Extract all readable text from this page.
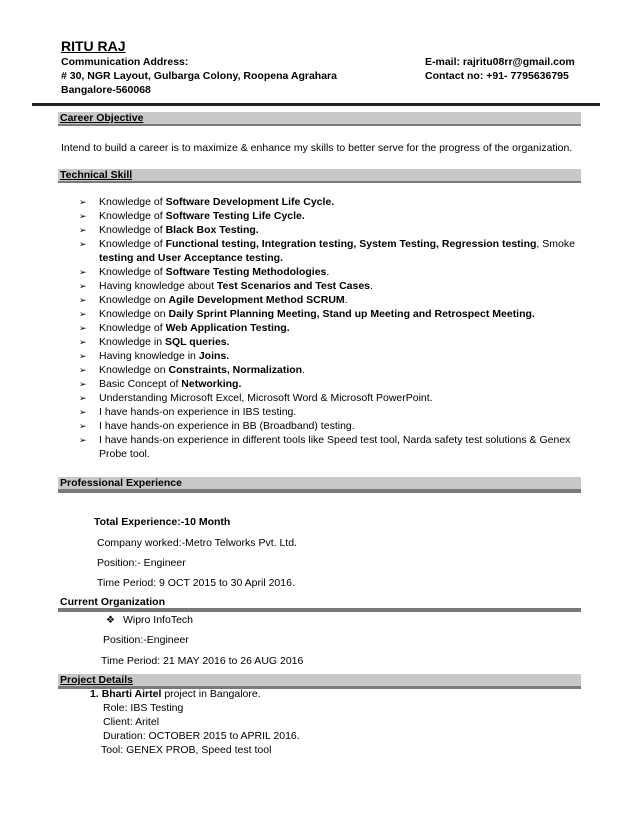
RITU RAJ
Communication Address:
# 30, NGR Layout, Gulbarga Colony, Roopena Agrahara
Bangalore-560068
E-mail: rajritu08rr@gmail.com
Contact no: +91- 7795636795
Career Objective
Intend to build a career is to maximize & enhance my skills to better serve for the progress of the organization.
Technical Skill
➢ Knowledge of Software Development Life Cycle.
➢ Knowledge of Software Testing Life Cycle.
➢ Knowledge of Black Box Testing.
➢ Knowledge of Functional testing, Integration testing, System Testing, Regression testing, Smoke
testing and User Acceptance testing.
➢ Knowledge of Software Testing Methodologies.
➢ Having knowledge about Test Scenarios and Test Cases.
➢ Knowledge on Agile Development Method SCRUM.
➢ Knowledge on Daily Sprint Planning Meeting, Stand up Meeting and Retrospect Meeting.
➢ Knowledge of Web Application Testing.
➢ Knowledge in SQL queries.
➢ Having knowledge in Joins.
➢ Knowledge on Constraints, Normalization.
➢ Basic Concept of Networking.
➢ Understanding Microsoft Excel, Microsoft Word & Microsoft PowerPoint.
➢ I have hands-on experience in IBS testing.
➢ I have hands-on experience in BB (Broadband) testing.
➢ I have hands-on experience in different tools like Speed test tool, Narda safety test solutions & Genex
Probe tool.
Professional Experience
Total Experience:-10 Month
Company worked:-Metro Telworks Pvt. Ltd.
Position:- Engineer
Time Period: 9 OCT 2015 to 30 April 2016.
Current Organization
❖ Wipro InfoTech
Position:-Engineer
Time Period: 21 MAY 2016 to 26 AUG 2016
Project Details
1. Bharti Airtel project in Bangalore.
Role: IBS Testing
Client: Aritel
Duration: OCTOBER 2015 to APRIL 2016.
Tool: GENEX PROB, Speed test tool
